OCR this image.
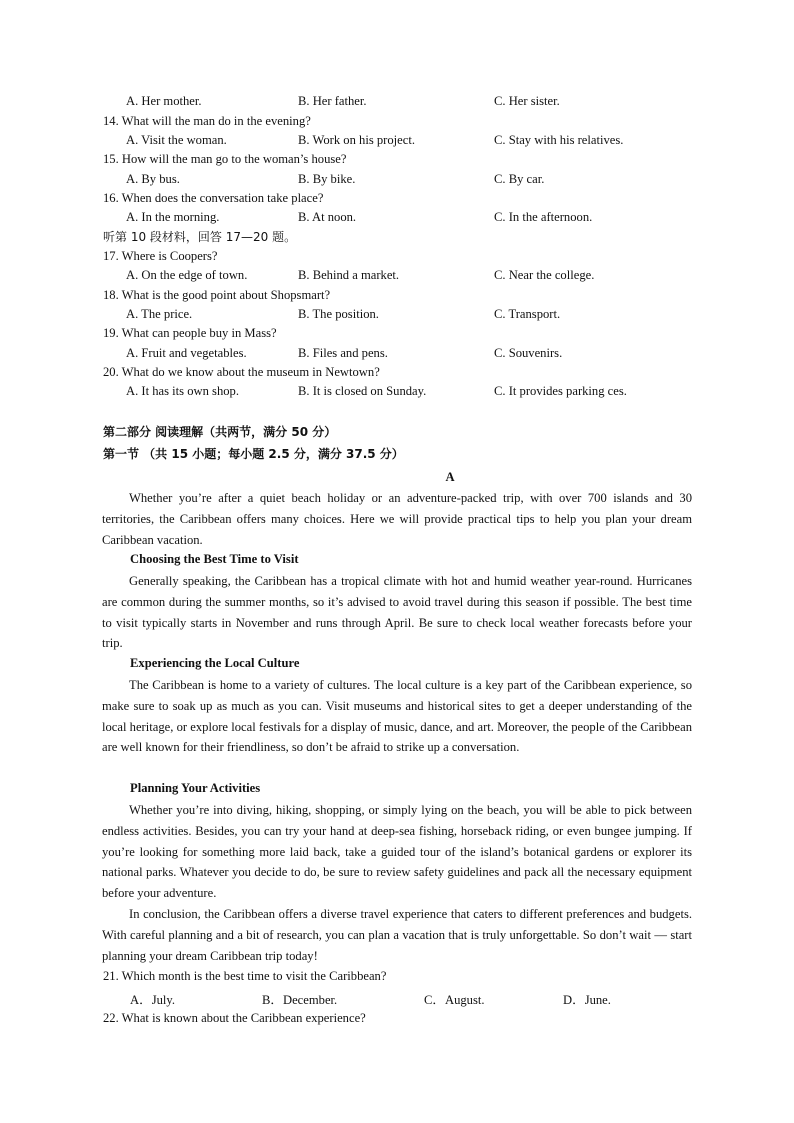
A. Her mother.	B. Her father.	C. Her sister.
14. What will the man do in the evening?
A. Visit the woman.	B. Work on his project.	C. Stay with his relatives.
15. How will the man go to the woman’s house?
A. By bus.	B. By bike.	C. By car.
16. When does the conversation take place?
A. In the morning.	B. At noon.	C. In the afternoon.
听第 10 段材料，回答 17—20 题。
17. Where is Coopers?
A. On the edge of town.	B. Behind a market.	C. Near the college.
18. What is the good point about Shopsmart?
A. The price.	B. The position.	C. Transport.
19. What can people buy in Mass?
A. Fruit and vegetables.	B. Files and pens.	C. Souvenirs.
20. What do we know about the museum in Newtown?
A. It has its own shop.	B. It is closed on Sunday.	C. It provides parking ces.
第二部分 阅读理解（共两节，满分 50 分）
第一节 （共 15 小题；每小题 2.5 分，满分 37.5 分）
A

Whether you’re after a quiet beach holiday or an adventure-packed trip, with over 700 islands and 30 territories, the Caribbean offers many choices. Here we will provide practical tips to help you plan your dream Caribbean vacation.

Choosing the Best Time to Visit

Generally speaking, the Caribbean has a tropical climate with hot and humid weather year-round. Hurricanes are common during the summer months, so it’s advised to avoid travel during this season if possible. The best time to visit typically starts in November and runs through April. Be sure to check local weather forecasts before your trip.

Experiencing the Local Culture

The Caribbean is home to a variety of cultures. The local culture is a key part of the Caribbean experience, so make sure to soak up as much as you can. Visit museums and historical sites to get a deeper understanding of the local heritage, or explore local festivals for a display of music, dance, and art. Moreover, the people of the Caribbean are well known for their friendliness, so don’t be afraid to strike up a conversation.

Planning Your Activities

Whether you’re into diving, hiking, shopping, or simply lying on the beach, you will be able to pick between endless activities. Besides, you can try your hand at deep-sea fishing, horseback riding, or even bungee jumping. If you’re looking for something more laid back, take a guided tour of the island’s botanical gardens or explorer its national parks. Whatever you decide to do, be sure to review safety guidelines and pack all the necessary equipment before your adventure.

In conclusion, the Caribbean offers a diverse travel experience that caters to different preferences and budgets. With careful planning and a bit of research, you can plan a vacation that is truly unforgettable. So don’t wait — start planning your dream Caribbean trip today!

21. Which month is the best time to visit the Caribbean?
A．July.	B．December.	C．August.	D．June.
22. What is known about the Caribbean experience?
